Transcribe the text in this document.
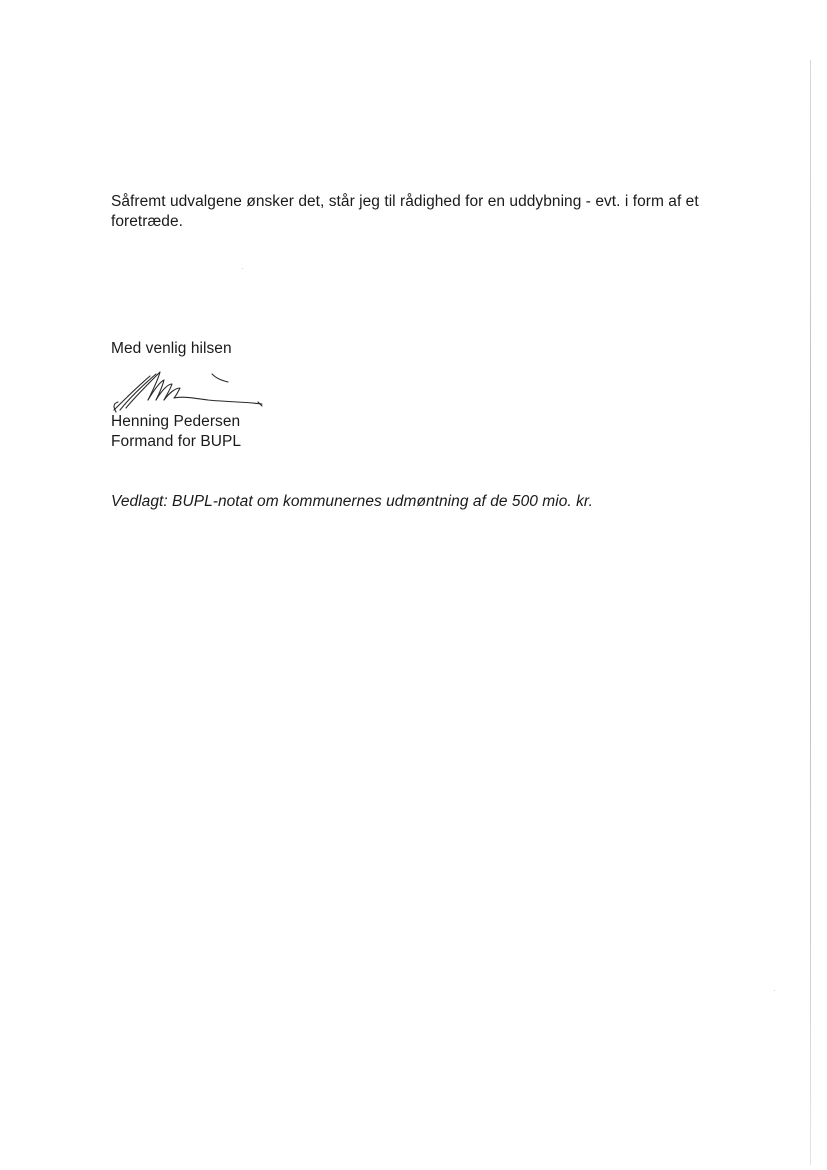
Såfremt udvalgene ønsker det, står jeg til rådighed for en uddybning - evt. i form af et foretræde.

Med venlig hilsen
Henning Pedersen
Formand for BUPL
Vedlagt: BUPL-notat om kommunernes udmøntning af de 500 mio. kr.
